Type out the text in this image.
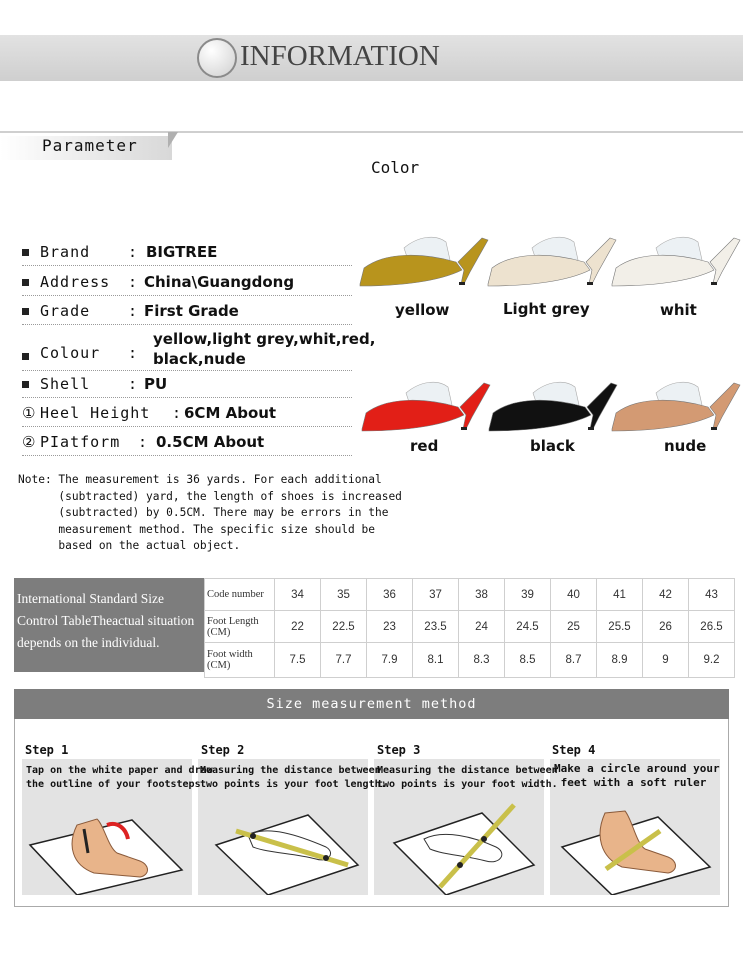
INFORMATION
Parameter
Color
Brand	: BIGTREE
Address : China\Guangdong
Grade	: First Grade
Colour :
yellow,light grey,whit,red,
black,nude
Shell	: PU
① Heel Height : 6CM About
② PIatform : 0.5CM About
yellow	Light grey	whit
red	black	nude
Note: The measurement is 36 yards. For each additional
(subtracted) yard, the length of shoes is increased
(subtracted) by 0.5CM. There may be errors in the
measurement method. The specific size should be
based on the actual object.
International Standard Size
Control TableTheactual situation
depends on the individual.
Code number	34	35	36	37	38	39	40	41	42	43
Foot Length (CM)	22	22.5	23	23.5	24	24.5	25	25.5	26	26.5
Foot width (CM)	7.5	7.7	7.9	8.1	8.3	8.5	8.7	8.9	9	9.2
Size measurement method
Step 1	Step 2	Step 3	Step 4
Tap on the white paper and draw
the outline of your footsteps
Measuring the distance between
two points is your foot length.
Measuring the distance between
two points is your foot width.
Make a circle around your
feet with a soft ruler
